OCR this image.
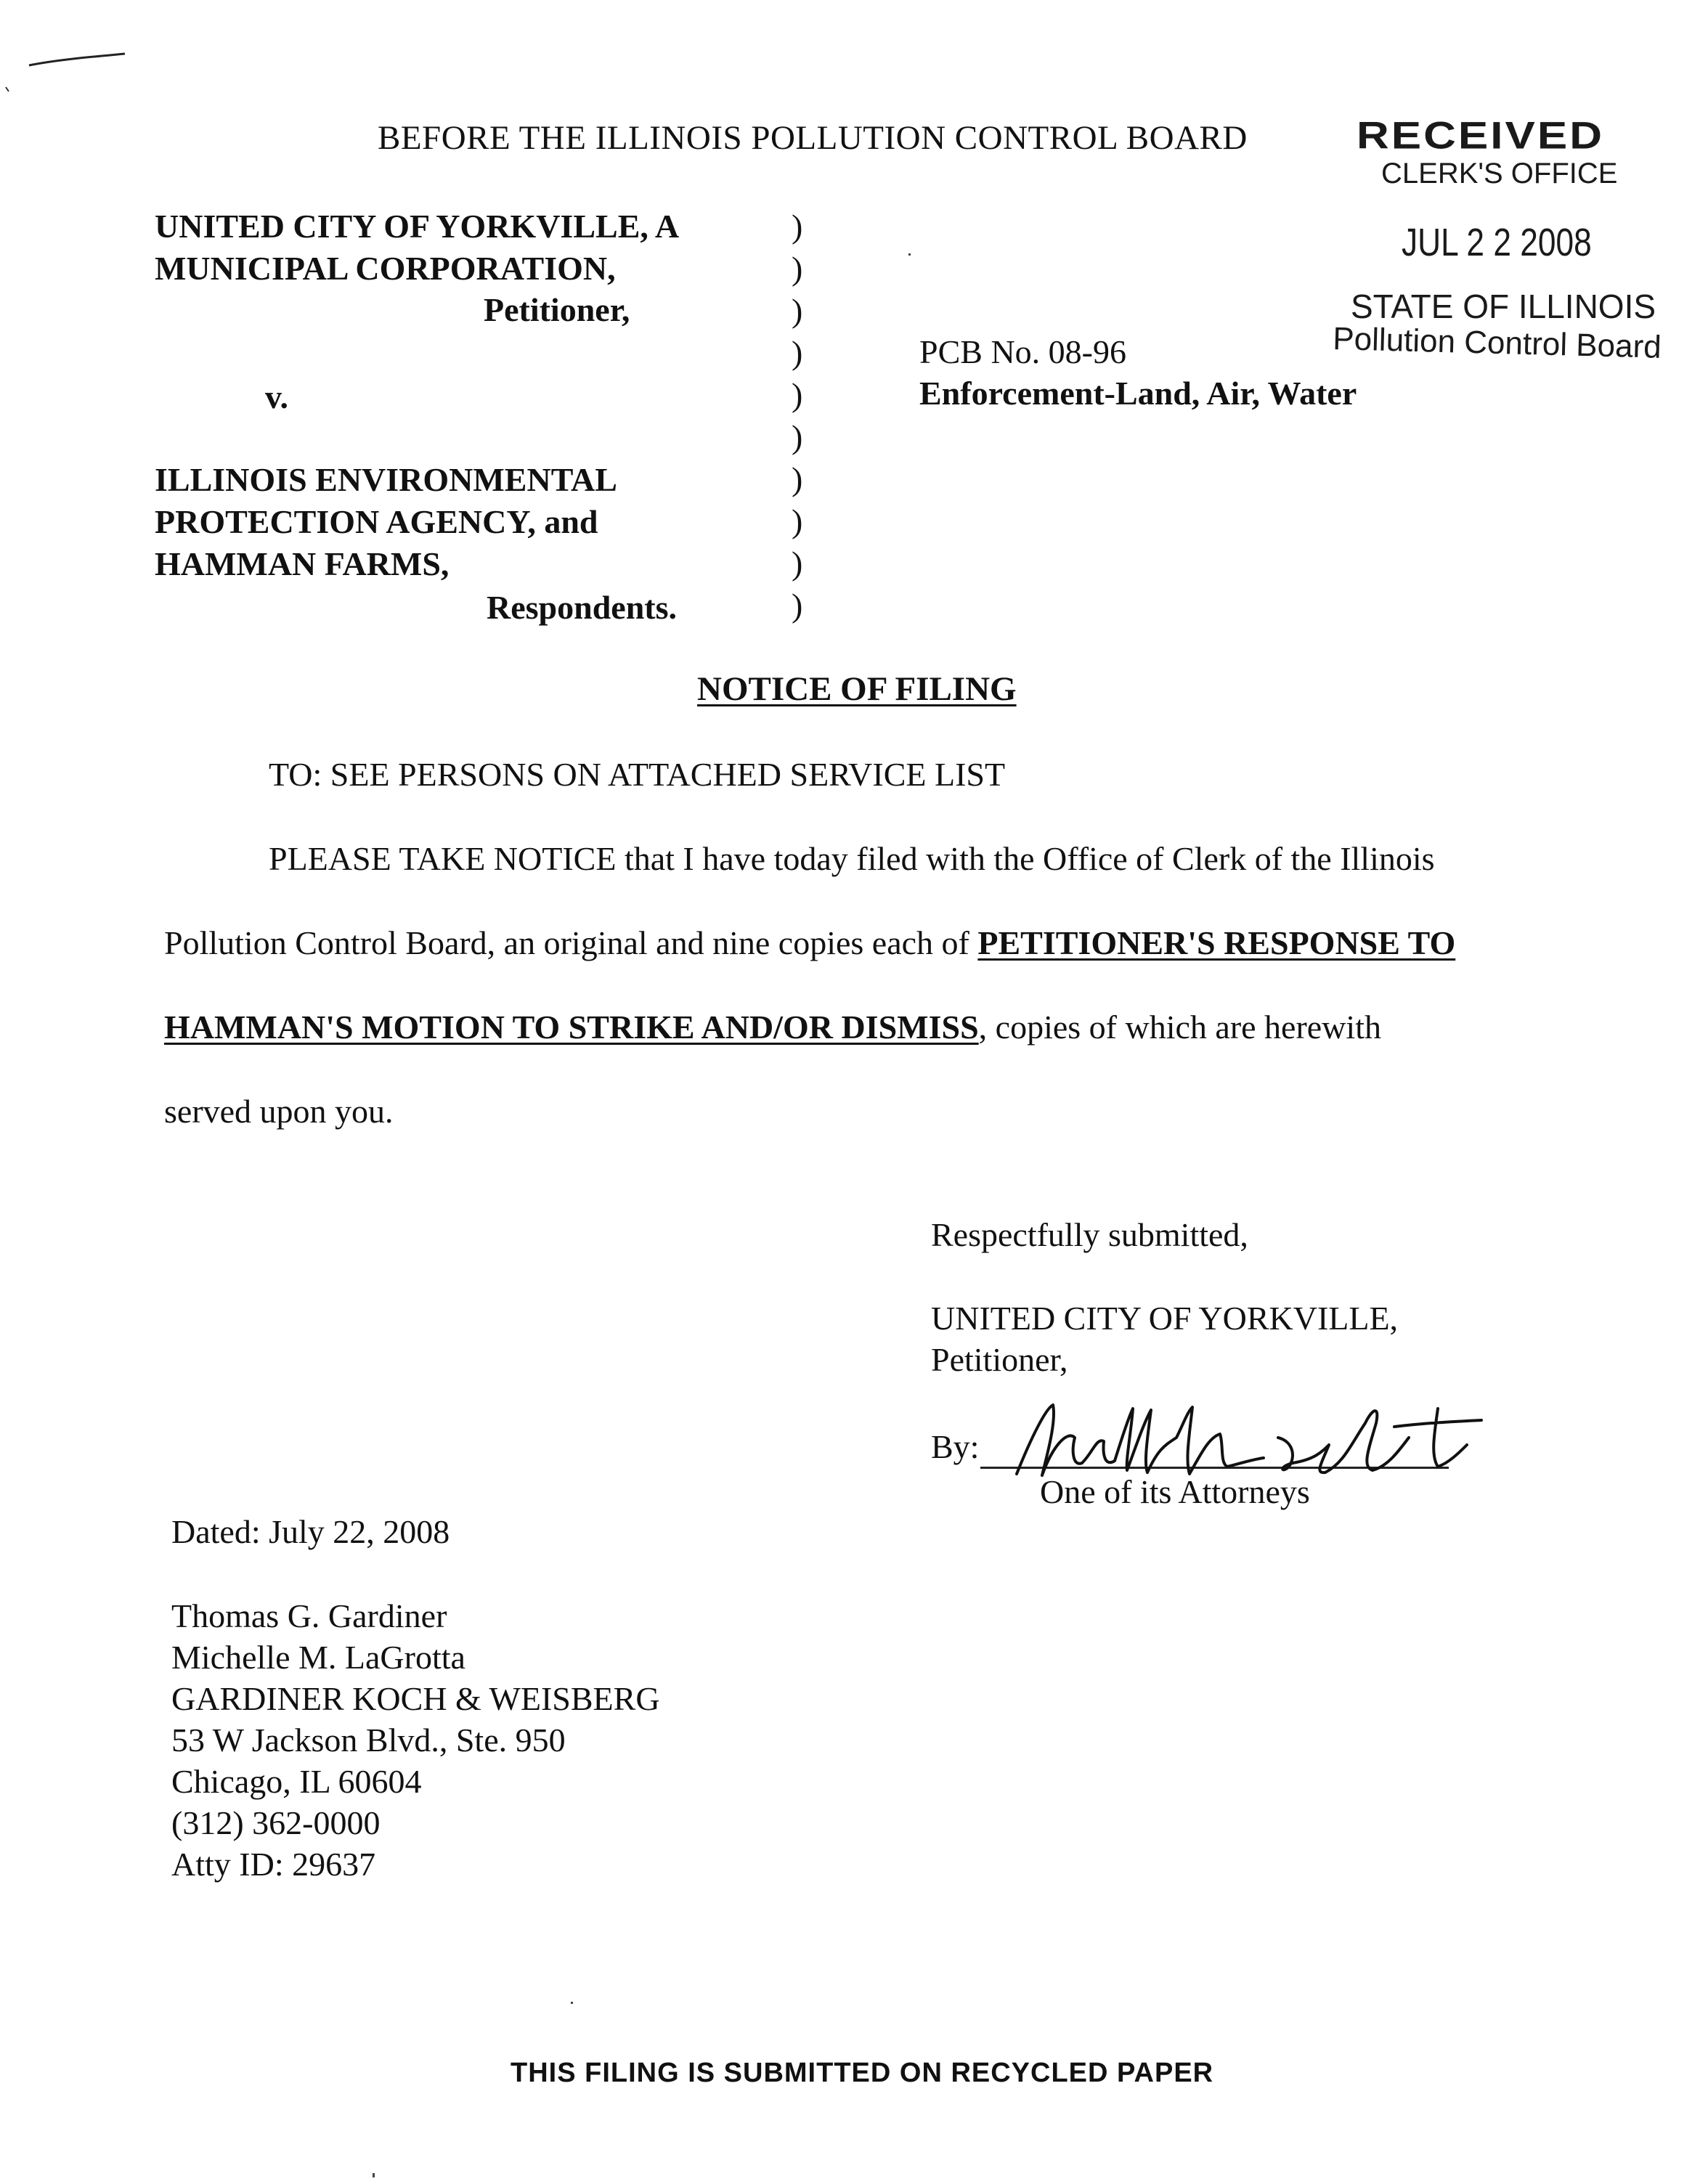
BEFORE THE ILLINOIS POLLUTION CONTROL BOARD RECEIVED
CLERK'S OFFICE
JUL 2 2 2008
STATE OF ILLINOIS
Pollution Control Board
UNITED CITY OF YORKVILLE, A
MUNICIPAL CORPORATION,
Petitioner,
v.
ILLINOIS ENVIRONMENTAL
PROTECTION AGENCY, and
HAMMAN FARMS,
Respondents.
)
)
)
)
)
)
)
)
)
)
PCB No. 08-96
Enforcement-Land, Air, Water
NOTICE OF FILING
TO: SEE PERSONS ON ATTACHED SERVICE LIST
PLEASE TAKE NOTICE that I have today filed with the Office of Clerk of the Illinois
Pollution Control Board, an original and nine copies each of PETITIONER'S RESPONSE TO
HAMMAN'S MOTION TO STRIKE AND/OR DISMISS, copies of which are herewith
served upon you.
Respectfully submitted,
UNITED CITY OF YORKVILLE,
Petitioner,
By:
One of its Attorneys
Dated: July 22, 2008
Thomas G. Gardiner
Michelle M. LaGrotta
GARDINER KOCH & WEISBERG
53 W Jackson Blvd., Ste. 950
Chicago, IL 60604
(312) 362-0000
Atty ID: 29637
THIS FILING IS SUBMITTED ON RECYCLED PAPER
